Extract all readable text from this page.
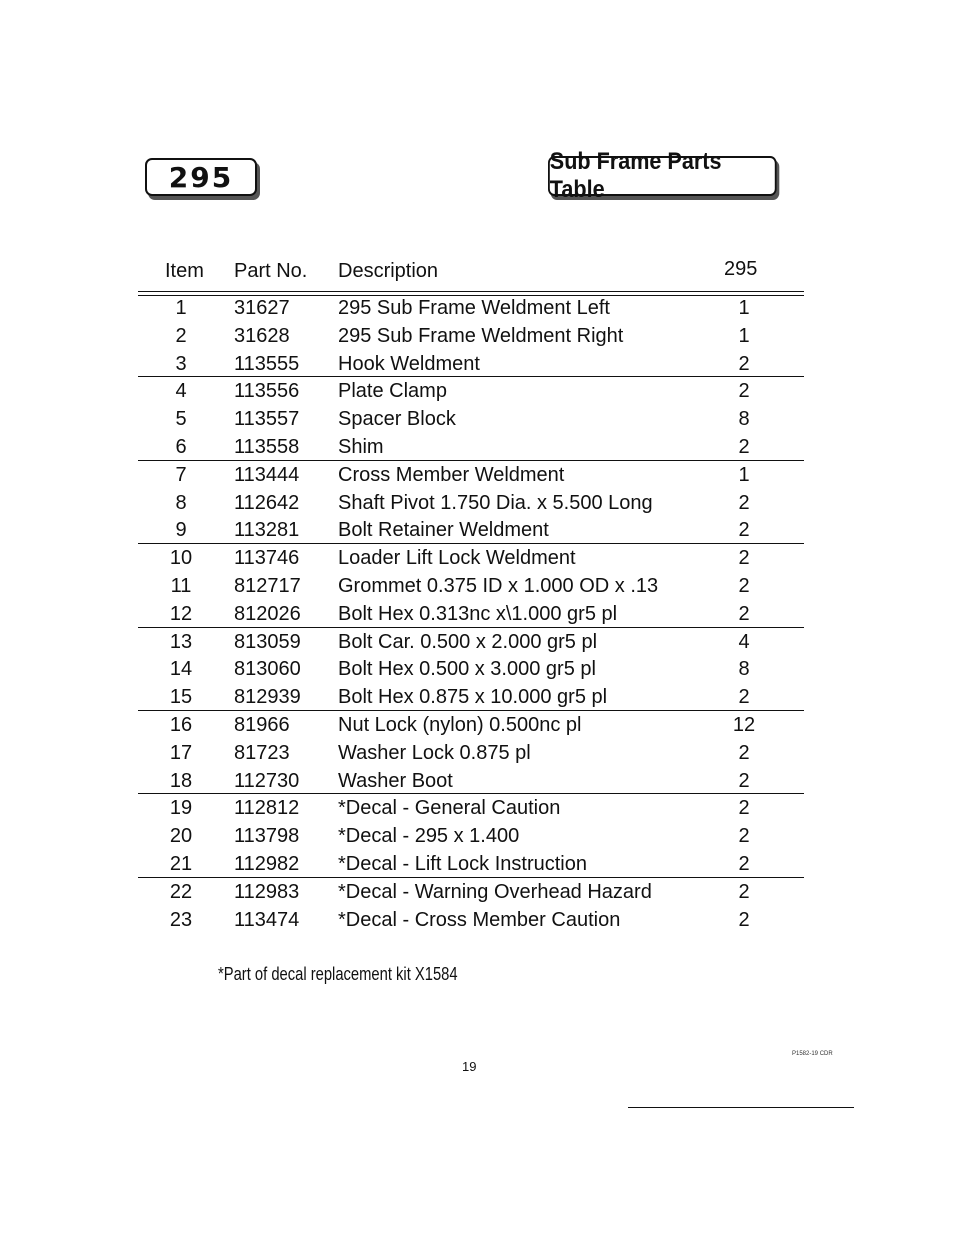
295	Sub Frame Parts Table
Item Part No. Description	295
1	31627 295 Sub Frame Weldment Left	1
2	31628 295 Sub Frame Weldment Right	1
3	113555 Hook Weldment	2
4	113556 Plate Clamp	2
5	113557 Spacer Block	8
6	113558 Shim	2
7	113444 Cross Member Weldment	1
8	112642 Shaft Pivot 1.750 Dia. x 5.500 Long	2
9	113281 Bolt Retainer Weldment	2
10	113746 Loader Lift Lock Weldment	2
11	812717 Grommet 0.375 ID x 1.000 OD x .13	2
12	812026 Bolt Hex 0.313nc x\1.000 gr5 pl	2
13	813059 Bolt Car. 0.500 x 2.000 gr5 pl	4
14	813060 Bolt Hex 0.500 x 3.000 gr5 pl	8
15	812939 Bolt Hex 0.875 x 10.000 gr5 pl	2
16	81966 Nut Lock (nylon) 0.500nc pl	12
17	81723 Washer Lock 0.875 pl	2
18	112730 Washer Boot	2
19	112812 *Decal - General Caution	2
20	113798 *Decal - 295 x 1.400	2
21	112982 *Decal - Lift Lock Instruction	2
22	112983 *Decal - Warning Overhead Hazard	2
23	113474 *Decal - Cross Member Caution	2
*Part of decal replacement kit X1584
19
P1582-19 CDR
